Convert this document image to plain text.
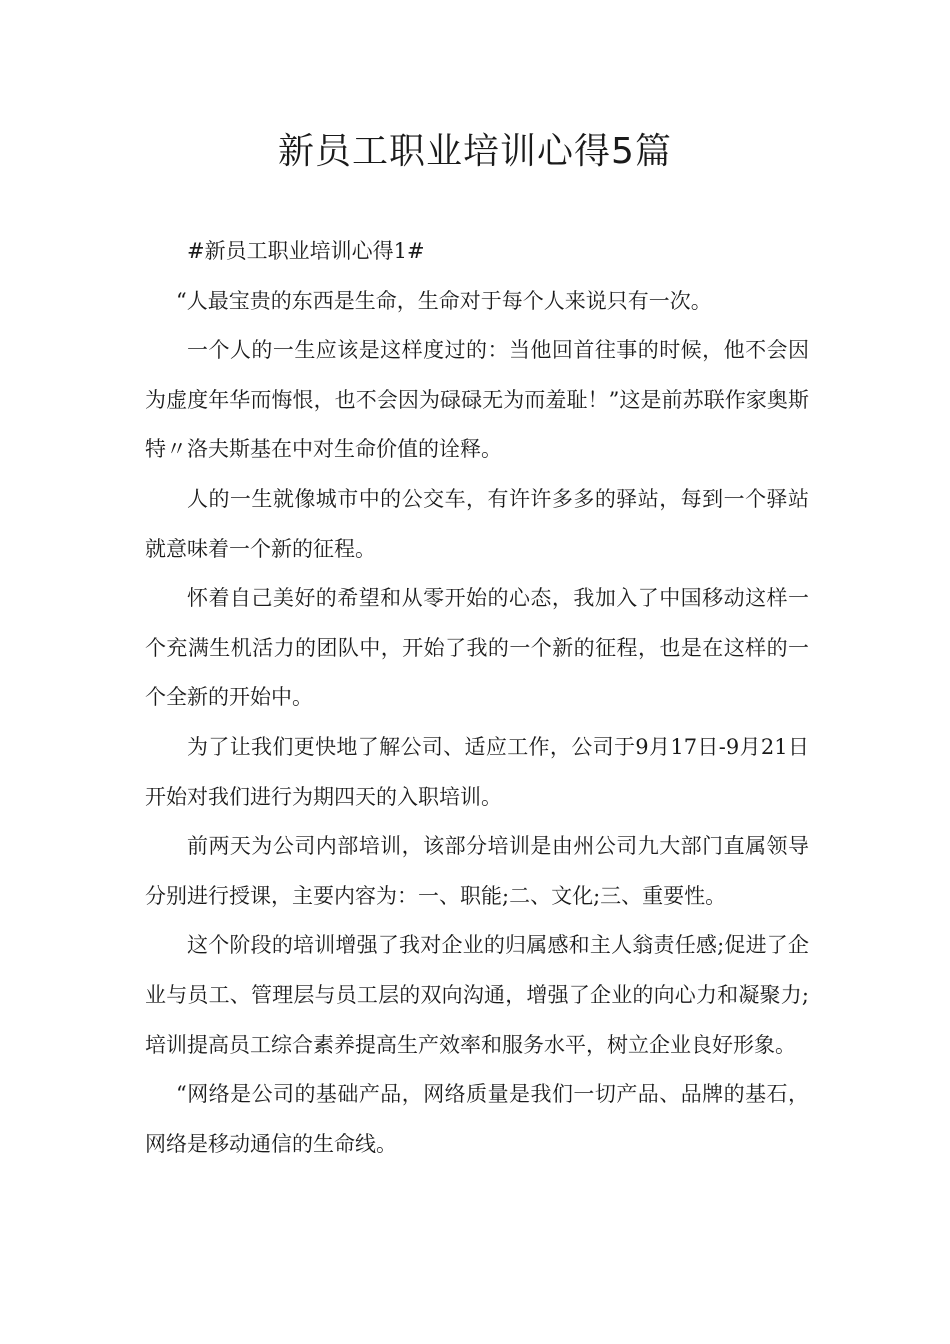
新员工职业培训心得5篇

#新员工职业培训心得1#

“人最宝贵的东西是生命，生命对于每个人来说只有一次。

一个人的一生应该是这样度过的：当他回首往事的时候，他不会因为虚度年华而悔恨，也不会因为碌碌无为而羞耻！”这是前苏联作家奥斯特〃洛夫斯基在中对生命价值的诠释。

人的一生就像城市中的公交车，有许许多多的驿站，每到一个驿站就意味着一个新的征程。

怀着自己美好的希望和从零开始的心态，我加入了中国移动这样一个充满生机活力的团队中，开始了我的一个新的征程，也是在这样的一个全新的开始中。

为了让我们更快地了解公司、适应工作，公司于9月17日-9月21日开始对我们进行为期四天的入职培训。

前两天为公司内部培训，该部分培训是由州公司九大部门直属领导分别进行授课，主要内容为：一、职能;二、文化;三、重要性。

这个阶段的培训增强了我对企业的归属感和主人翁责任感;促进了企业与员工、管理层与员工层的双向沟通，增强了企业的向心力和凝聚力;培训提高员工综合素养提高生产效率和服务水平，树立企业良好形象。

“网络是公司的基础产品，网络质量是我们一切产品、品牌的基石，网络是移动通信的生命线。
